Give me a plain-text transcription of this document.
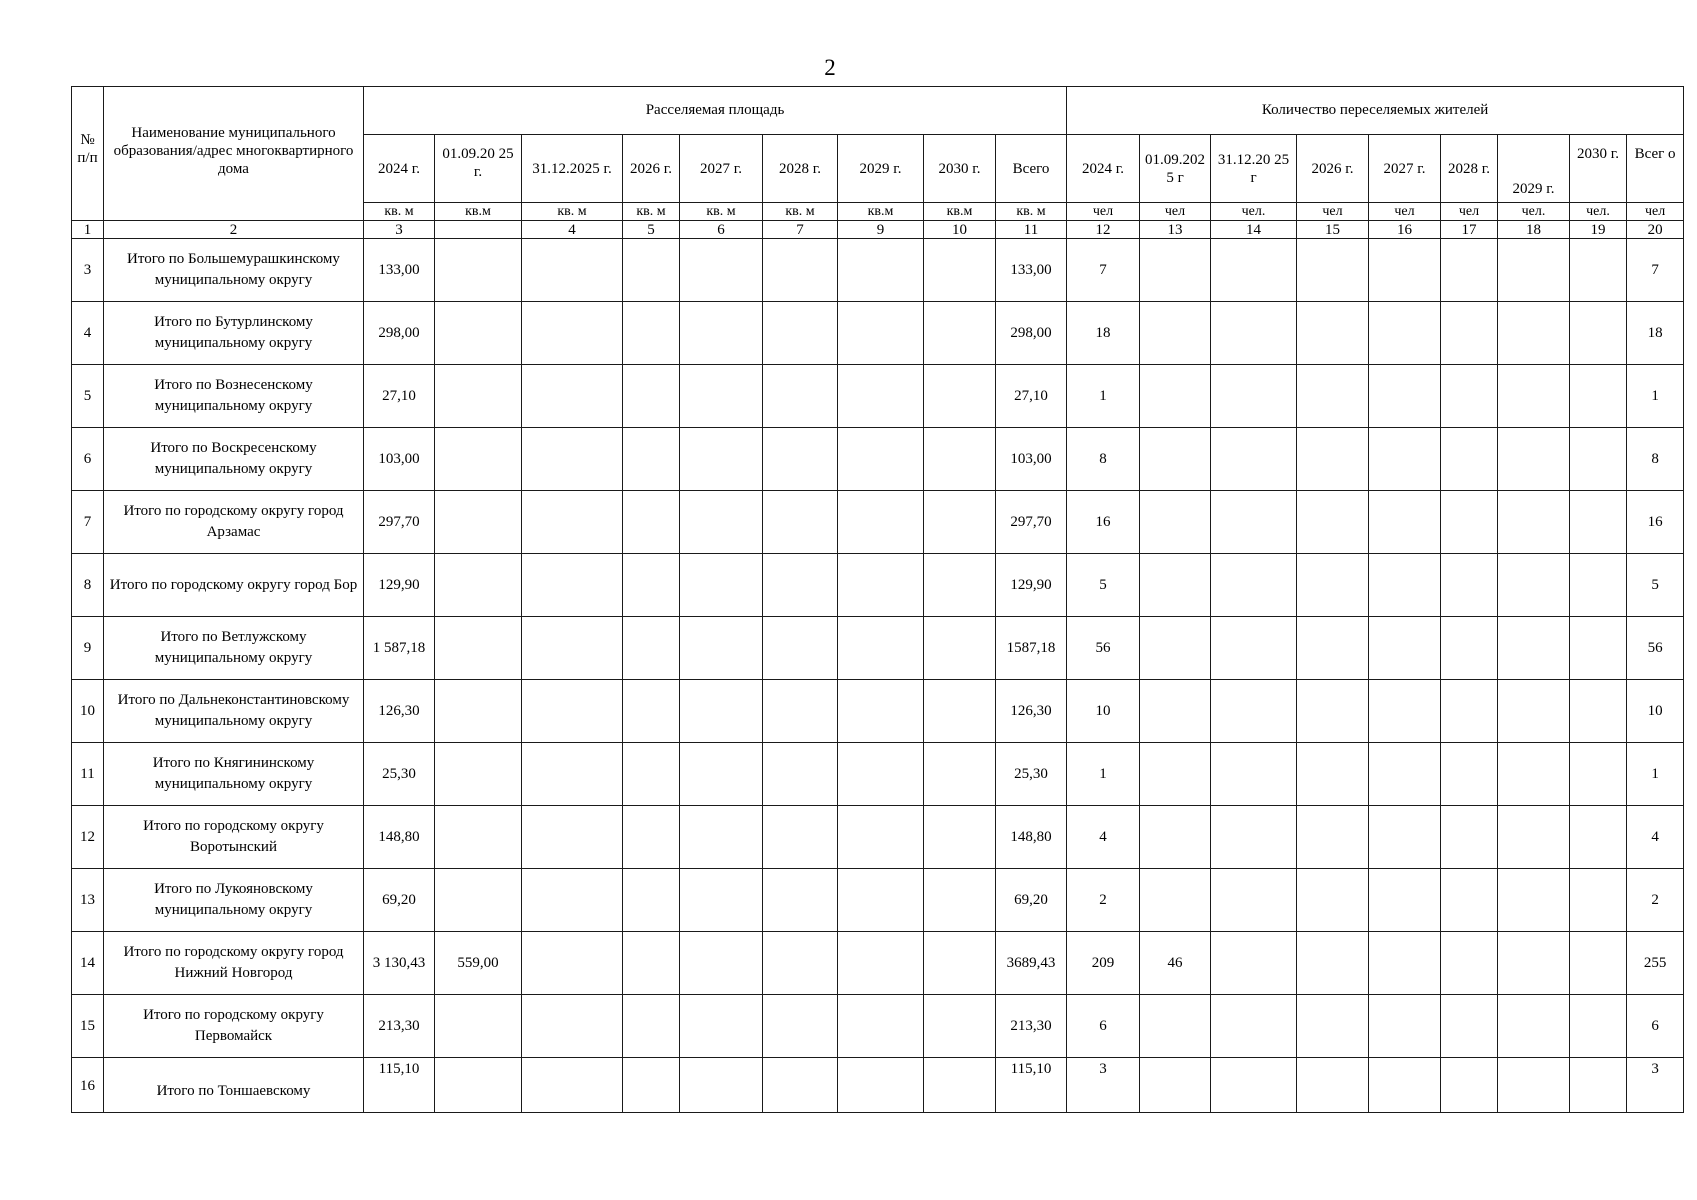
2
№ п/п	Наименование муниципального образования/адрес многоквартирного дома	Расселяемая площадь									Количество переселяемых жителей								
		2024 г.	01.09.20 25 г.	31.12.2025 г.	2026 г.	2027 г.	2028 г.	2029 г.	2030 г.	Всего	2024 г.	01.09.202 5 г	31.12.20 25 г	2026 г.	2027 г.	2028 г.	2029 г.	2030 г.	Всег о
		кв. м	кв.м	кв. м	кв. м	кв. м	кв. м	кв.м	кв.м	кв. м	чел	чел	чел.	чел	чел	чел	чел.	чел.	чел
1	2	3		4	5	6	7	9	10	11	12	13	14	15	16	17	18	19	20
3	Итого по Большемурашкинскому муниципальному округу	133,00								133,00	7								7
4	Итого по Бутурлинскому муниципальному округу	298,00								298,00	18								18
5	Итого по Вознесенскому муниципальному округу	27,10								27,10	1								1
6	Итого по Воскресенскому муниципальному округу	103,00								103,00	8								8
7	Итого по городскому округу город Арзамас	297,70								297,70	16								16
8	Итого по городскому округу город Бор	129,90								129,90	5								5
9	Итого по Ветлужскому муниципальному округу	1 587,18								1587,18	56								56
10	Итого по Дальнеконстантиновскому муниципальному округу	126,30								126,30	10								10
11	Итого по Княгининскому муниципальному округу	25,30								25,30	1								1
12	Итого по городскому округу Воротынский	148,80								148,80	4								4
13	Итого по Лукояновскому муниципальному округу	69,20								69,20	2								2
14	Итого по городскому округу город Нижний Новгород	3 130,43	559,00							3689,43	209	46							255
15	Итого по городскому округу Первомайск	213,30								213,30	6								6
16	Итого по Тоншаевскому	115,10								115,10	3								3
